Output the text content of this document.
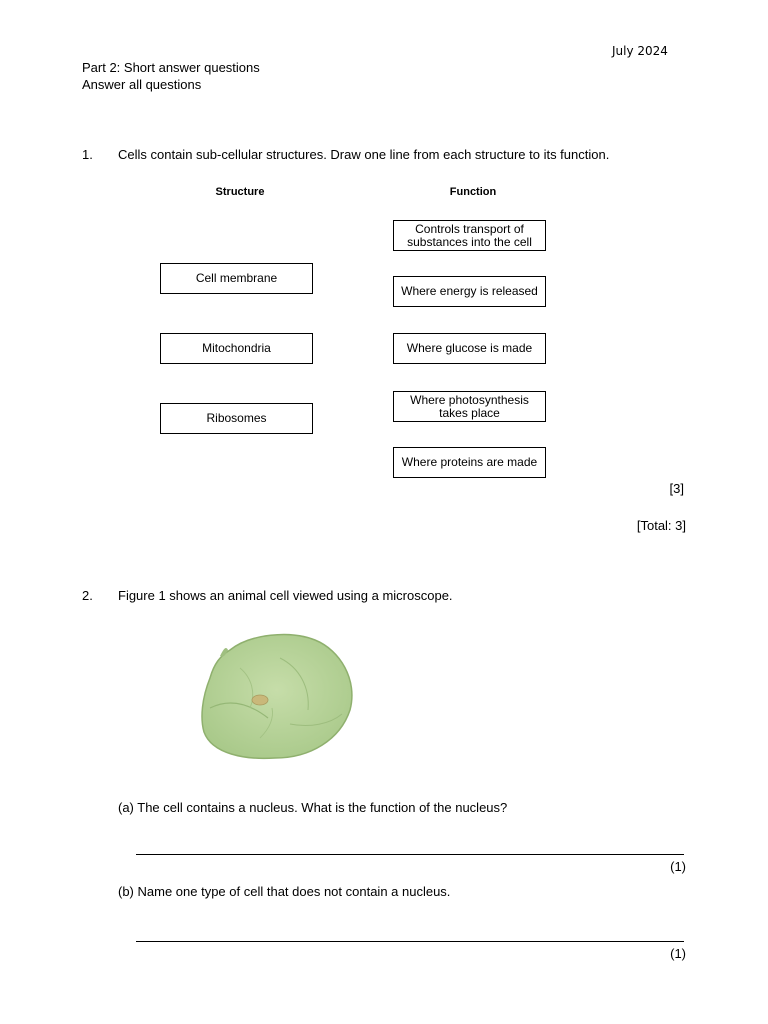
July 2024
Part 2: Short answer questions
Answer all questions
1. Cells contain sub-cellular structures. Draw one line from each structure to its function.
Structure	Function
Cell membrane
Mitochondria
Ribosomes
Controls transport of substances into the cell
Where energy is released
Where glucose is made
Where photosynthesis takes place
Where proteins are made
[3]
[Total: 3]
2. Figure 1 shows an animal cell viewed using a microscope.
(a) The cell contains a nucleus. What is the function of the nucleus?
(1)
(b) Name one type of cell that does not contain a nucleus.
(1)
